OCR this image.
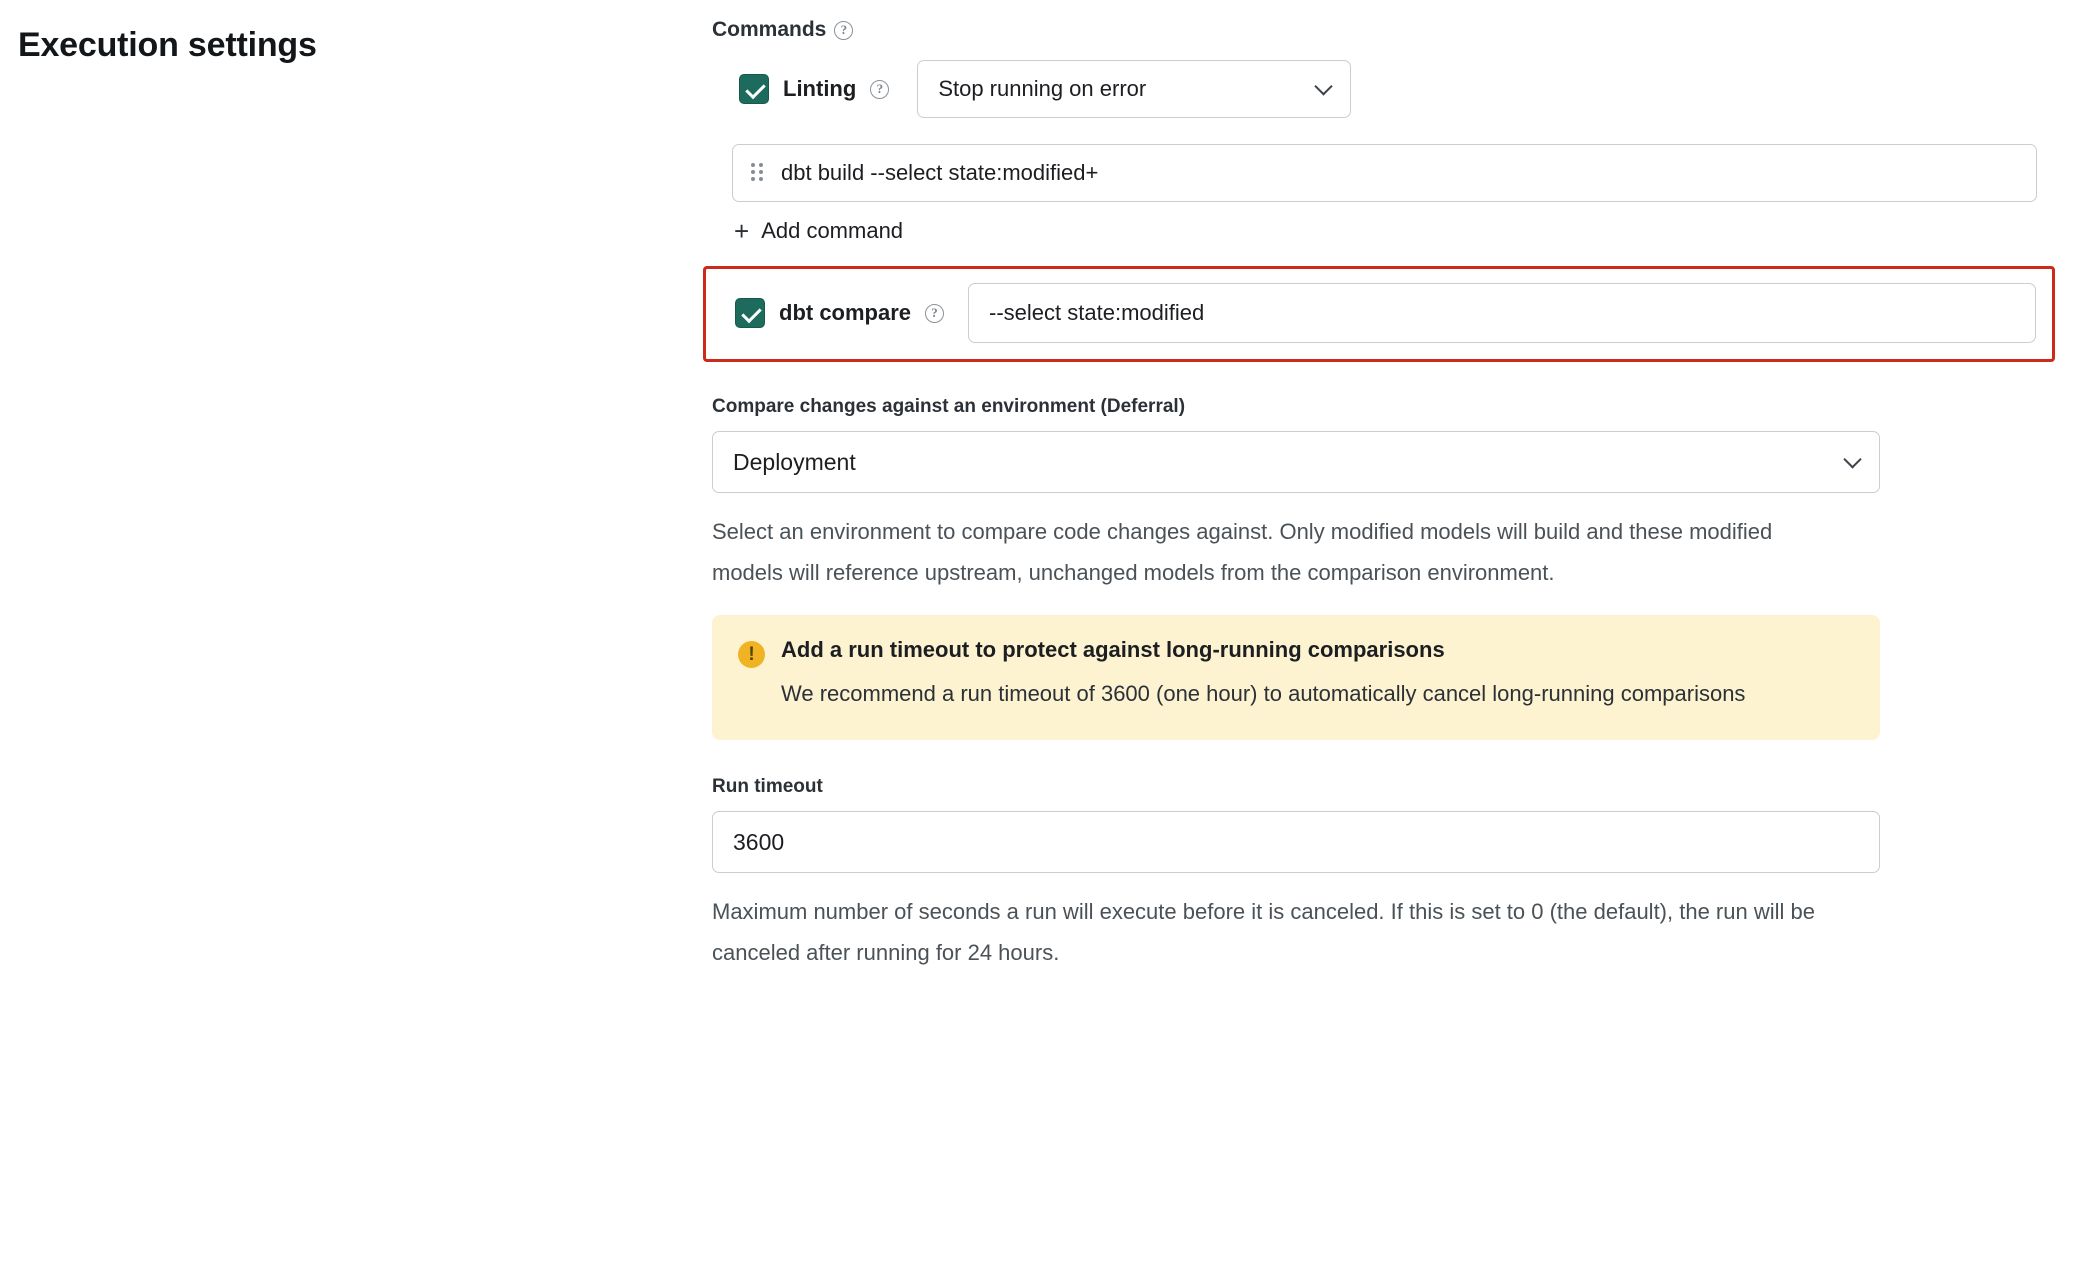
Execution settings	Commands	?
Linting	?	Stop running on error
dbt build --select state:modified+
+ Add command
dbt compare	? --select state:modified
Compare changes against an environment (Deferral)
Deployment
Select an environment to compare code changes against. Only modified models will build and these modified models will reference upstream, unchanged models from the comparison environment.
!	Add a run timeout to protect against long-running comparisons
We recommend a run timeout of 3600 (one hour) to automatically cancel long-running comparisons
Run timeout
3600
Maximum number of seconds a run will execute before it is canceled. If this is set to 0 (the default), the run will be canceled after running for 24 hours.
